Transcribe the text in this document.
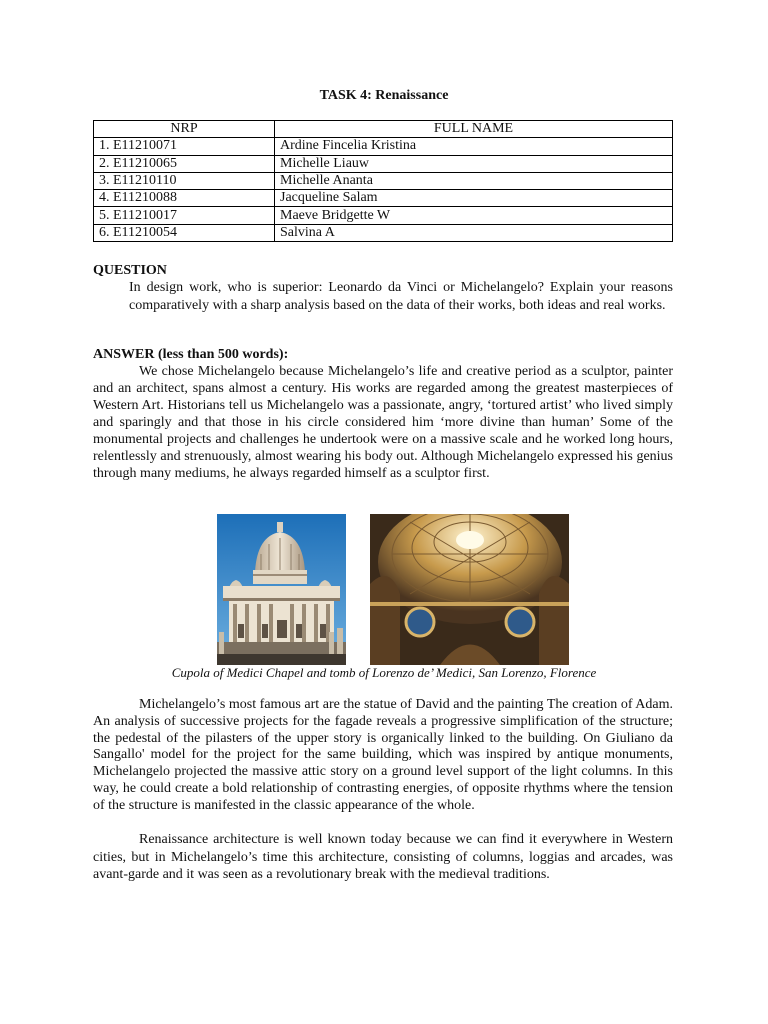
TASK 4: Renaissance
NRP	FULL NAME
1. E11210071	Ardine Fincelia Kristina
2. E11210065	Michelle Liauw
3. E11210110	Michelle Ananta
4. E11210088	Jacqueline Salam
5. E11210017	Maeve Bridgette W
6. E11210054	Salvina A
QUESTION
In design work, who is superior: Leonardo da Vinci or Michelangelo? Explain your reasons comparatively with a sharp analysis based on the data of their works, both ideas and real works.
ANSWER (less than 500 words):

We chose Michelangelo because Michelangelo’s life and creative period as a sculptor, painter and an architect, spans almost a century. His works are regarded among the greatest masterpieces of Western Art. Historians tell us Michelangelo was a passionate, angry, ‘tortured artist’ who lived simply and sparingly and that those in his circle considered him ‘more divine than human’ Some of the monumental projects and challenges he undertook were on a massive scale and he worked long hours, relentlessly and strenuously, almost wearing his body out. Although Michelangelo expressed his genius through many mediums, he always regarded himself as a sculptor first.

Cupola of Medici Chapel and tomb of Lorenzo de’ Medici, San Lorenzo, Florence

Michelangelo’s most famous art are the statue of David and the painting The creation of Adam. An analysis of successive projects for the fagade reveals a progressive simplification of the structure; the pedestal of the pilasters of the upper story is organically linked to the building. On Giuliano da Sangallo' model for the project for the same building, which was inspired by antique monuments, Michelangelo projected the massive attic story on a ground level support of the light columns. In this way, he could create a bold relationship of contrasting energies, of opposite rhythms where the tension of the structure is manifested in the classic appearance of the whole.

Renaissance architecture is well known today because we can find it everywhere in Western cities, but in Michelangelo’s time this architecture, consisting of columns, loggias and arcades, was avant-garde and it was seen as a revolutionary break with the medieval traditions.
